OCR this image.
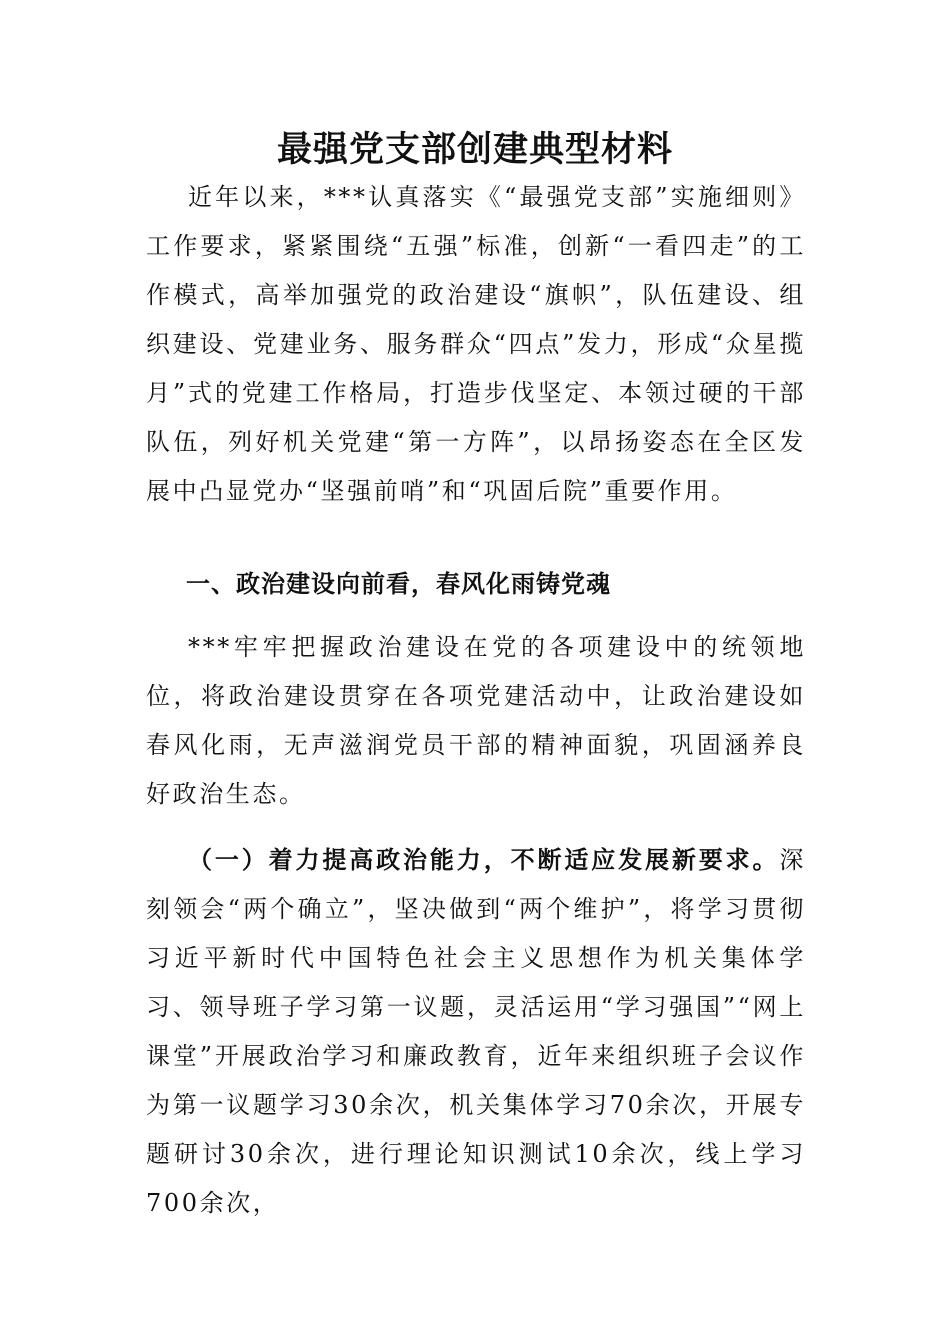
最强党支部创建典型材料

近年以来，***认真落实《“最强党支部”实施细则》工作要求，紧紧围绕“五强”标准，创新“一看四走”的工作模式，高举加强党的政治建设“旗帜”，队伍建设、组织建设、党建业务、服务群众“四点”发力，形成“众星揽月”式的党建工作格局，打造步伐坚定、本领过硬的干部队伍，列好机关党建“第一方阵”，以昂扬姿态在全区发展中凸显党办“坚强前哨”和“巩固后院”重要作用。

一、政治建设向前看，春风化雨铸党魂

***牢牢把握政治建设在党的各项建设中的统领地位，将政治建设贯穿在各项党建活动中，让政治建设如春风化雨，无声滋润党员干部的精神面貌，巩固涵养良好政治生态。

（一）着力提高政治能力，不断适应发展新要求。深刻领会“两个确立”，坚决做到“两个维护”，将学习贯彻习近平新时代中国特色社会主义思想作为机关集体学习、领导班子学习第一议题，灵活运用“学习强国”“网上课堂”开展政治学习和廉政教育，近年来组织班子会议作为第一议题学习30余次，机关集体学习70余次，开展专题研讨30余次，进行理论知识测试10余次，线上学习700余次，
